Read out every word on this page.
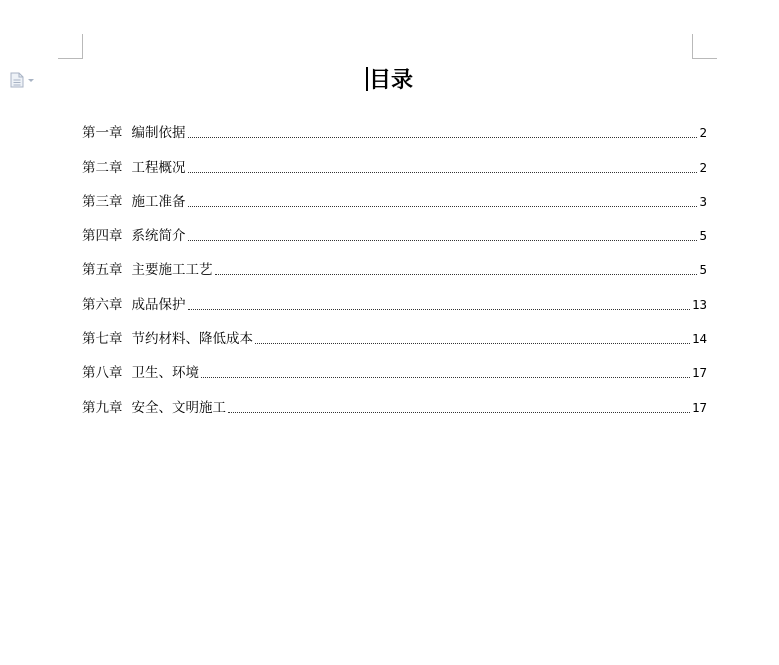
目录
第一章 编制依据	2
第二章 工程概况	2
第三章 施工准备	3
第四章 系统简介	5
第五章 主要施工工艺	5
第六章 成品保护	13
第七章 节约材料、降低成本	14
第八章 卫生、环境	17
第九章 安全、文明施工	17
